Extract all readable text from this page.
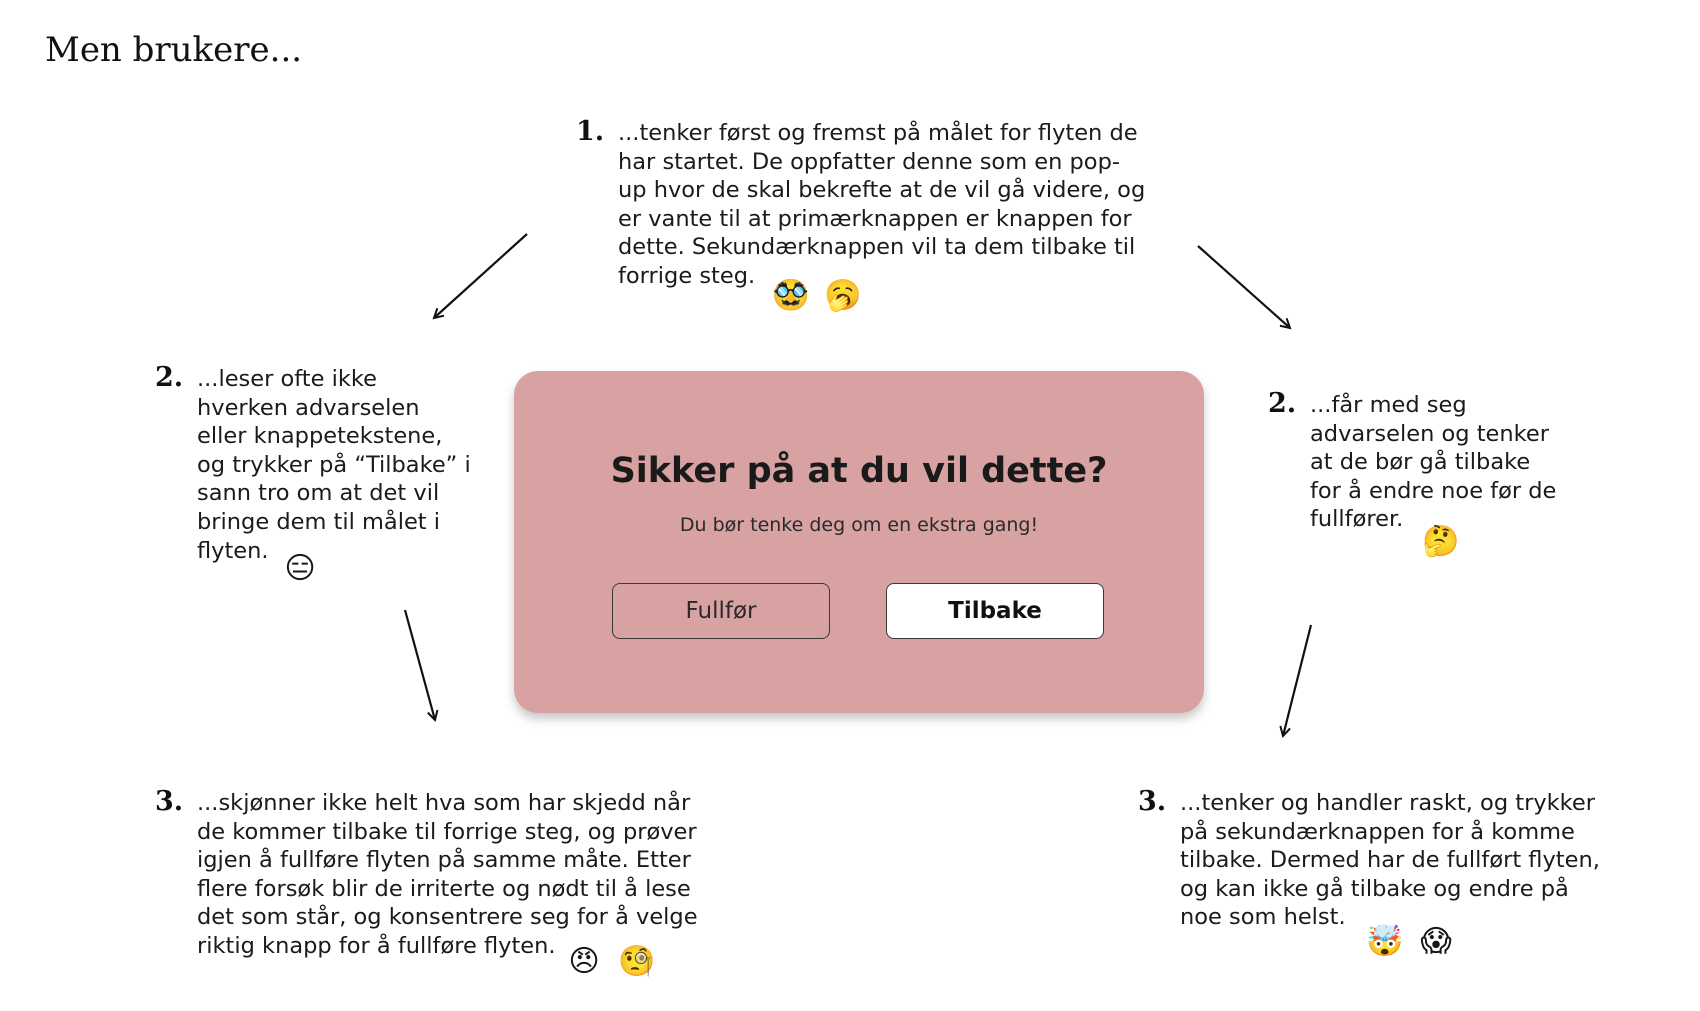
Men brukere...
1. ...tenker først og fremst på målet for flyten de
har startet. De oppfatter denne som en pop-
up hvor de skal bekrefte at de vil gå videre, og
er vante til at primærknappen er knappen for
dette. Sekundærknappen vil ta dem tilbake til
forrige steg.
🥸 🥱
2. ...leser ofte ikke
hverken advarselen
eller knappetekstene,
og trykker på “Tilbake” i
sann tro om at det vil
bringe dem til målet i
flyten.
😑
2. ...får med seg
advarselen og tenker
at de bør gå tilbake
for å endre noe før de
fullfører.
🤔
3. ...skjønner ikke helt hva som har skjedd når
de kommer tilbake til forrige steg, og prøver
igjen å fullføre flyten på samme måte. Etter
flere forsøk blir de irriterte og nødt til å lese
det som står, og konsentrere seg for å velge
riktig knapp for å fullføre flyten. 😠 🧐
3. ...tenker og handler raskt, og trykker
på sekundærknappen for å komme
tilbake. Dermed har de fullført flyten,
og kan ikke gå tilbake og endre på
noe som helst.
🤯 😱
Sikker på at du vil dette?
Du bør tenke deg om en ekstra gang!
Fullfør	Tilbake
